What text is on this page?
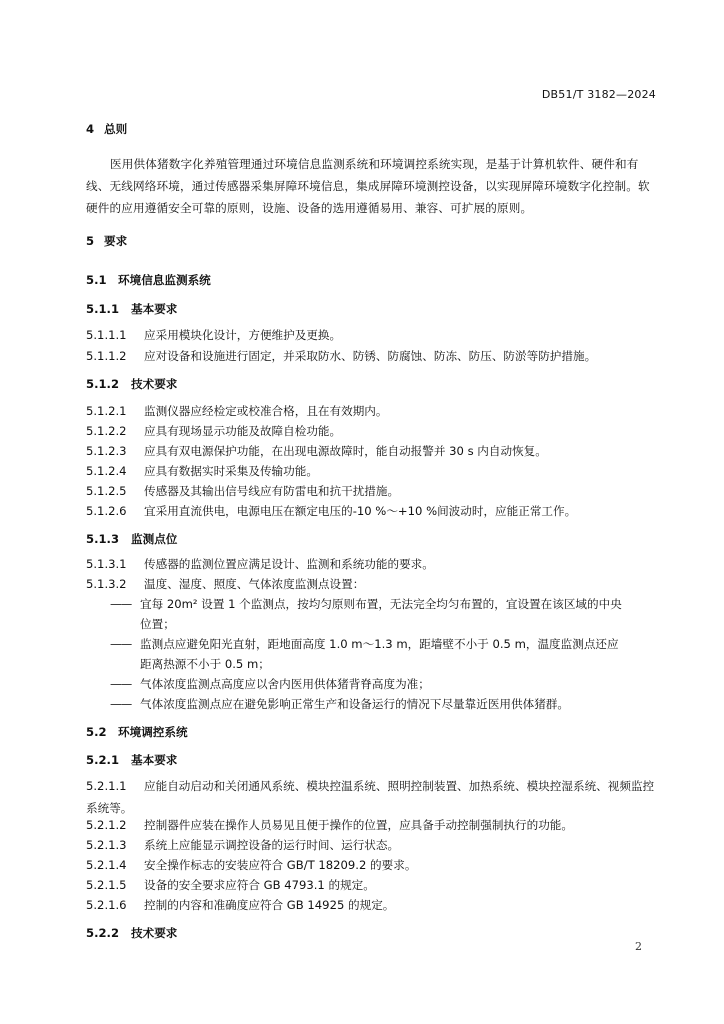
DB51/T 3182—2024
4 总则
医用供体猪数字化养殖管理通过环境信息监测系统和环境调控系统实现，是基于计算机软件、硬件和有线、无线网络环境，通过传感器采集屏障环境信息，集成屏障环境测控设备，以实现屏障环境数字化控制。软硬件的应用遵循安全可靠的原则，设施、设备的选用遵循易用、兼容、可扩展的原则。
5 要求
5.1 环境信息监测系统
5.1.1 基本要求
5.1.1.1 应采用模块化设计，方便维护及更换。
5.1.1.2 应对设备和设施进行固定，并采取防水、防锈、防腐蚀、防冻、防压、防淤等防护措施。
5.1.2 技术要求
5.1.2.1 监测仪器应经检定或校准合格，且在有效期内。
5.1.2.2 应具有现场显示功能及故障自检功能。
5.1.2.3 应具有双电源保护功能，在出现电源故障时，能自动报警并 30 s 内自动恢复。
5.1.2.4 应具有数据实时采集及传输功能。
5.1.2.5 传感器及其输出信号线应有防雷电和抗干扰措施。
5.1.2.6 宜采用直流供电，电源电压在额定电压的-10 %～+10 %间波动时，应能正常工作。
5.1.3 监测点位
5.1.3.1 传感器的监测位置应满足设计、监测和系统功能的要求。
5.1.3.2 温度、湿度、照度、气体浓度监测点设置：
—— 宜每 20m² 设置 1 个监测点，按均匀原则布置，无法完全均匀布置的，宜设置在该区域的中央
位置；
—— 监测点应避免阳光直射，距地面高度 1.0 m～1.3 m，距墙壁不小于 0.5 m，温度监测点还应
距离热源不小于 0.5 m；
—— 气体浓度监测点高度应以舍内医用供体猪背脊高度为准；
—— 气体浓度监测点应在避免影响正常生产和设备运行的情况下尽量靠近医用供体猪群。
5.2 环境调控系统
5.2.1 基本要求
5.2.1.1 应能自动启动和关闭通风系统、模块控温系统、照明控制装置、加热系统、模块控湿系统、视频监控系统等。
5.2.1.2 控制器件应装在操作人员易见且便于操作的位置，应具备手动控制强制执行的功能。
5.2.1.3 系统上应能显示调控设备的运行时间、运行状态。
5.2.1.4 安全操作标志的安装应符合 GB/T 18209.2 的要求。
5.2.1.5 设备的安全要求应符合 GB 4793.1 的规定。
5.2.1.6 控制的内容和准确度应符合 GB 14925 的规定。
5.2.2 技术要求
2
